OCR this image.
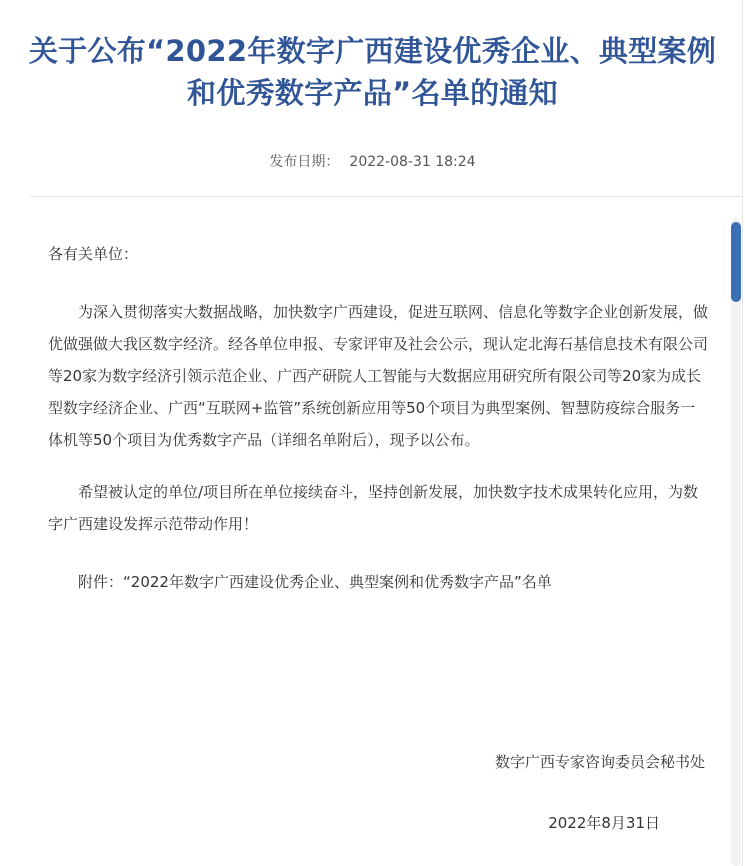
关于公布“2022年数字广西建设优秀企业、典型案例和优秀数字产品”名单的通知
发布日期： 2022-08-31 18:24

各有关单位：

为深入贯彻落实大数据战略，加快数字广西建设，促进互联网、信息化等数字企业创新发展，做优做强做大我区数字经济。经各单位申报、专家评审及社会公示，现认定北海石基信息技术有限公司等20家为数字经济引领示范企业、广西产研院人工智能与大数据应用研究所有限公司等20家为成长型数字经济企业、广西“互联网+监管”系统创新应用等50个项目为典型案例、智慧防疫综合服务一体机等50个项目为优秀数字产品（详细名单附后），现予以公布。

希望被认定的单位/项目所在单位接续奋斗，坚持创新发展，加快数字技术成果转化应用，为数字广西建设发挥示范带动作用！

附件：“2022年数字广西建设优秀企业、典型案例和优秀数字产品”名单

数字广西专家咨询委员会秘书处
2022年8月31日
